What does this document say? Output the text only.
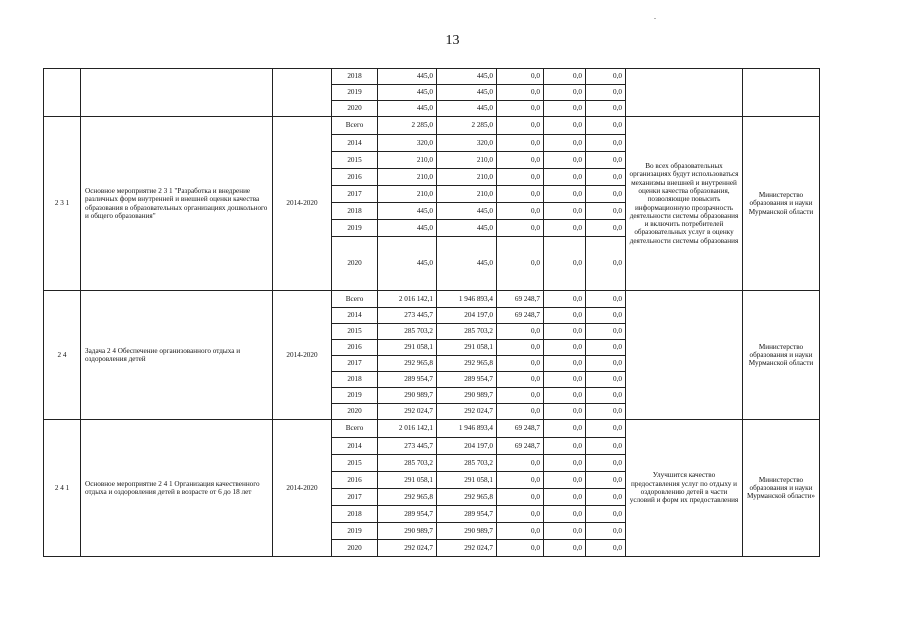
.
13
			2018	445,0	445,0	0,0	0,0	0,0		
			2019	445,0	445,0	0,0	0,0	0,0		
			2020	445,0	445,0	0,0	0,0	0,0		
2 3 1	Основное мероприятие 2 3 1 "Разработка и внедрение различных форм внутренней и внешней оценки качества образования в образовательных организациях дошкольного и общего образования"	2014-2020	Всего	2 285,0	2 285,0	0,0	0,0	0,0	Во всех образовательных организациях будут использоваться механизмы внешней и внутренней оценки качества образования, позволяющие повысить информационную прозрачность деятельности системы образования и включить потребителей образовательных услуг в оценку деятельности системы образования	Министерство образования и науки Мурманской области
			2014	320,0	320,0	0,0	0,0	0,0		
			2015	210,0	210,0	0,0	0,0	0,0		
			2016	210,0	210,0	0,0	0,0	0,0		
			2017	210,0	210,0	0,0	0,0	0,0		
			2018	445,0	445,0	0,0	0,0	0,0		
			2019	445,0	445,0	0,0	0,0	0,0		
			2020	445,0	445,0	0,0	0,0	0,0		
2 4	Задача 2 4 Обеспечение организованного отдыха и оздоровления детей	2014-2020	Всего	2 016 142,1	1 946 893,4	69 248,7	0,0	0,0		Министерство образования и науки Мурманской области
			2014	273 445,7	204 197,0	69 248,7	0,0	0,0		
			2015	285 703,2	285 703,2	0,0	0,0	0,0		
			2016	291 058,1	291 058,1	0,0	0,0	0,0		
			2017	292 965,8	292 965,8	0,0	0,0	0,0		
			2018	289 954,7	289 954,7	0,0	0,0	0,0		
			2019	290 989,7	290 989,7	0,0	0,0	0,0		
			2020	292 024,7	292 024,7	0,0	0,0	0,0		
2 4 1	Основное мероприятие 2 4 1 Организация качественного отдыха и оздоровления детей в возрасте от 6 до 18 лет	2014-2020	Всего	2 016 142,1	1 946 893,4	69 248,7	0,0	0,0	Улучшится качество предоставления услуг по отдыху и оздоровлению детей в части условий и форм их предоставления	Министерство образования и науки Мурманской области»
			2014	273 445,7	204 197,0	69 248,7	0,0	0,0		
			2015	285 703,2	285 703,2	0,0	0,0	0,0		
			2016	291 058,1	291 058,1	0,0	0,0	0,0		
			2017	292 965,8	292 965,8	0,0	0,0	0,0		
			2018	289 954,7	289 954,7	0,0	0,0	0,0		
			2019	290 989,7	290 989,7	0,0	0,0	0,0		
			2020	292 024,7	292 024,7	0,0	0,0	0,0		
